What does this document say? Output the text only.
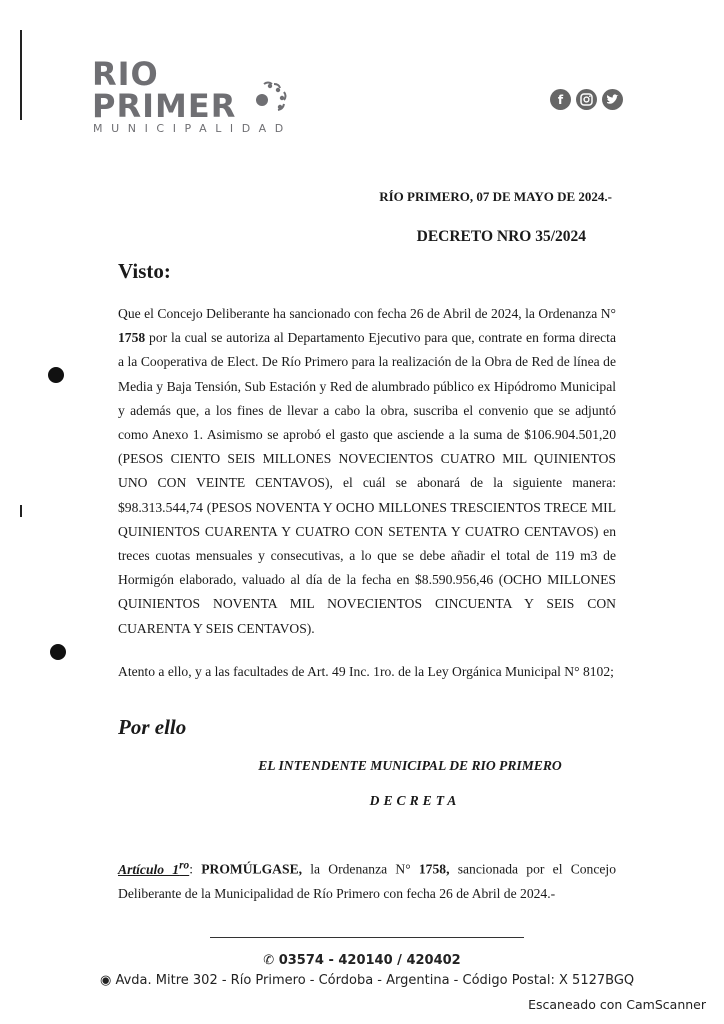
RIO
PRIMER
MUNICIPALIDAD
f
RÍO PRIMERO, 07 DE MAYO DE 2024.-
DECRETO NRO 35/2024
Visto:

Que el Concejo Deliberante ha sancionado con fecha 26 de Abril de 2024, la Ordenanza N° 1758 por la cual se autoriza al Departamento Ejecutivo para que, contrate en forma directa a la Cooperativa de Elect. De Río Primero para la realización de la Obra de Red de línea de Media y Baja Tensión, Sub Estación y Red de alumbrado público ex Hipódromo Municipal y además que, a los fines de llevar a cabo la obra, suscriba el convenio que se adjuntó como Anexo 1. Asimismo se aprobó el gasto que asciende a la suma de $106.904.501,20 (PESOS CIENTO SEIS MILLONES NOVECIENTOS CUATRO MIL QUINIENTOS UNO CON VEINTE CENTAVOS), el cuál se abonará de la siguiente manera: $98.313.544,74 (PESOS NOVENTA Y OCHO MILLONES TRESCIENTOS TRECE MIL QUINIENTOS CUARENTA Y CUATRO CON SETENTA Y CUATRO CENTAVOS) en treces cuotas mensuales y consecutivas, a lo que se debe añadir el total de 119 m3 de Hormigón elaborado, valuado al día de la fecha en $8.590.956,46 (OCHO MILLONES QUINIENTOS NOVENTA MIL NOVECIENTOS CINCUENTA Y SEIS CON CUARENTA Y SEIS CENTAVOS).

Atento a ello, y a las facultades de Art. 49 Inc. 1ro. de la Ley Orgánica Municipal N° 8102;

Por ello
EL INTENDENTE MUNICIPAL DE RIO PRIMERO
DECRETA

Artículo $1^{ro}$: PROMÚLGASE, la Ordenanza N° 1758, sancionada por el Concejo Deliberante de la Municipalidad de Río Primero con fecha 26 de Abril de 2024.-

✆ 03574 - 420140 / 420402
◉ Avda. Mitre 302 - Río Primero - Córdoba - Argentina - Código Postal: X 5127BGQ
Escaneado con CamScanner
